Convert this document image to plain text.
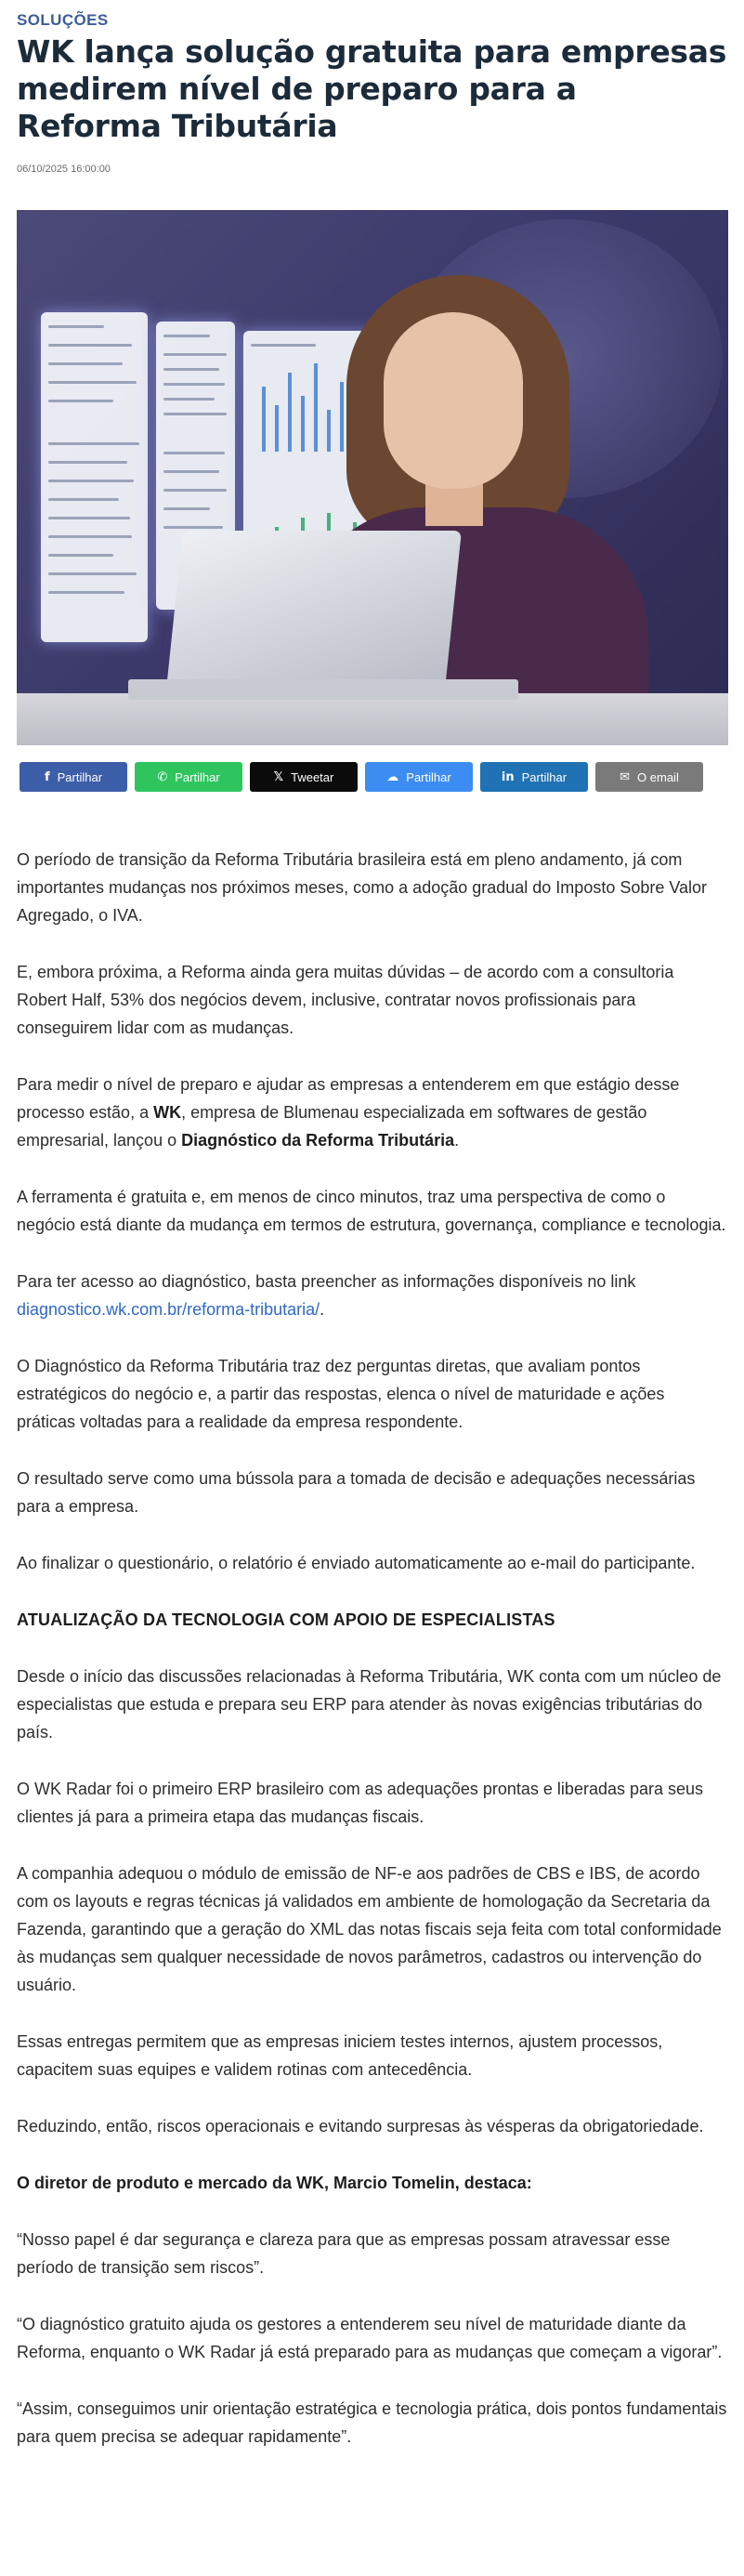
SOLUÇÕES
WK lança solução gratuita para empresas medirem nível de preparo para a Reforma Tributária
06/10/2025 16:00:00
f Partilhar	✆ Partilhar	𝕏 Tweetar	☁ Partilhar	in Partilhar	✉ O email

O período de transição da Reforma Tributária brasileira está em pleno andamento, já com importantes mudanças nos próximos meses, como a adoção gradual do Imposto Sobre Valor Agregado, o IVA.

E, embora próxima, a Reforma ainda gera muitas dúvidas – de acordo com a consultoria Robert Half, 53% dos negócios devem, inclusive, contratar novos profissionais para conseguirem lidar com as mudanças.

Para medir o nível de preparo e ajudar as empresas a entenderem em que estágio desse processo estão, a WK, empresa de Blumenau especializada em softwares de gestão empresarial, lançou o Diagnóstico da Reforma Tributária.

A ferramenta é gratuita e, em menos de cinco minutos, traz uma perspectiva de como o negócio está diante da mudança em termos de estrutura, governança, compliance e tecnologia.

Para ter acesso ao diagnóstico, basta preencher as informações disponíveis no link diagnostico.wk.com.br/reforma-tributaria/.

O Diagnóstico da Reforma Tributária traz dez perguntas diretas, que avaliam pontos estratégicos do negócio e, a partir das respostas, elenca o nível de maturidade e ações práticas voltadas para a realidade da empresa respondente.

O resultado serve como uma bússola para a tomada de decisão e adequações necessárias para a empresa.

Ao finalizar o questionário, o relatório é enviado automaticamente ao e-mail do participante.

ATUALIZAÇÃO DA TECNOLOGIA COM APOIO DE ESPECIALISTAS

Desde o início das discussões relacionadas à Reforma Tributária, WK conta com um núcleo de especialistas que estuda e prepara seu ERP para atender às novas exigências tributárias do país.

O WK Radar foi o primeiro ERP brasileiro com as adequações prontas e liberadas para seus clientes já para a primeira etapa das mudanças fiscais.

A companhia adequou o módulo de emissão de NF-e aos padrões de CBS e IBS, de acordo com os layouts e regras técnicas já validados em ambiente de homologação da Secretaria da Fazenda, garantindo que a geração do XML das notas fiscais seja feita com total conformidade às mudanças sem qualquer necessidade de novos parâmetros, cadastros ou intervenção do usuário.

Essas entregas permitem que as empresas iniciem testes internos, ajustem processos, capacitem suas equipes e validem rotinas com antecedência.

Reduzindo, então, riscos operacionais e evitando surpresas às vésperas da obrigatoriedade.

O diretor de produto e mercado da WK, Marcio Tomelin, destaca:

“Nosso papel é dar segurança e clareza para que as empresas possam atravessar esse período de transição sem riscos”.

“O diagnóstico gratuito ajuda os gestores a entenderem seu nível de maturidade diante da Reforma, enquanto o WK Radar já está preparado para as mudanças que começam a vigorar”.

“Assim, conseguimos unir orientação estratégica e tecnologia prática, dois pontos fundamentais para quem precisa se adequar rapidamente”.
